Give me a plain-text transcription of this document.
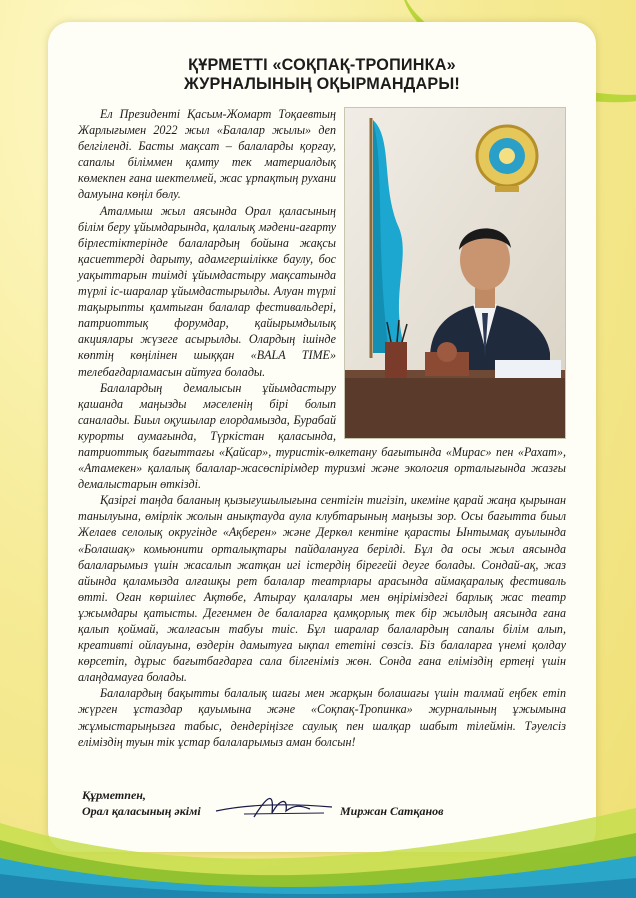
ҚҰРМЕТТІ «СОҚПАҚ-ТРОПИНКА»
ЖУРНАЛЫНЫҢ ОҚЫРМАНДАРЫ!

Ел Президенті Қасым-Жомарт Тоқаевтың Жарлығымен 2022 жыл «Балалар жылы» деп белгіленді. Басты мақсат – балаларды қорғау, сапалы біліммен қамту тек материалдық көмекпен ғана шектелмей, жас ұрпақтың рухани дамуына көңіл бөлу.

Аталмыш жыл аясында Орал қаласының білім беру ұйымдарында, қалалық мәдени-ағарту бірлестіктерінде балалардың бойына жақсы қасиеттерді дарыту, адамгершілікке баулу, бос уақыттарын тиімді ұйымдастыру мақсатында түрлі іс-шаралар ұйымдастырылды. Алуан түрлі тақырыпты қамтыған балалар фестивальдері, патриоттық форумдар, қайырымдылық акциялары жүзеге асырылды. Олардың ішінде көптің көңілінен шыққан «BALA TIME» телебағдарламасын айтуға болады.

Балалардың демалысын ұйымдастыру қашанда маңызды мәселенің бірі болып саналады. Биыл оқушылар елордамызда, Бурабай курорты аумағында, Түркістан қаласында, патриоттық бағыттағы «Қайсар», туристік-өлкетану бағытында «Мирас» пен «Рахат», «Атамекен» қалалық балалар-жасөспірімдер туризмі және экология орталығында жазғы демалыстарын өткізді.

Қазіргі таңда баланың қызығушылығына сентігін тигізіп, икеміне қарай жаңа қырынан танылуына, өмірлік жолын анықтауда аула клубтарының маңызы зор. Осы бағытта биыл Желаев селолық округінде «Ақберен» және Деркөл кентіне қарасты Ынтымақ ауылында «Болашақ» комьюнити орталықтары пайдалануға берілді. Бұл да осы жыл аясында балаларымыз үшін жасалып жатқан игі істердің бірегейі деуге болады. Сондай-ақ, жаз айында қаламызда алғашқы рет балалар театрлары арасында аймақаралық фестиваль өтті. Оған көршілес Ақтөбе, Атырау қалалары мен өңіріміздегі барлық жас театр ұжымдары қатысты. Дегенмен де балаларға қамқорлық тек бір жылдың аясында ғана қалып қоймай, жалғасын табуы тиіс. Бұл шаралар балалардың сапалы білім алып, креативті ойлауына, өздерін дамытуға ықпал ететіні сөзсіз. Біз балаларға үнемі қолдау көрсетіп, дұрыс бағытбағдарға сала білгеніміз жөн. Сонда ғана еліміздің ертеңі үшін алаңдамауға болады.

Балалардың бақытты балалық шағы мен жарқын болашағы үшін талмай еңбек етіп жүрген ұстаздар қауымына және «Соқпақ-Тропинка» журналының ұжымына жұмыстарыңызға табыс, дендеріңізге саулық пен шалқар шабыт тілеймін. Тәуелсіз еліміздің туын тік ұстар балаларымыз аман болсын!

Құрметпен,
Орал қаласының әкімі	Миржан Сатқанов
